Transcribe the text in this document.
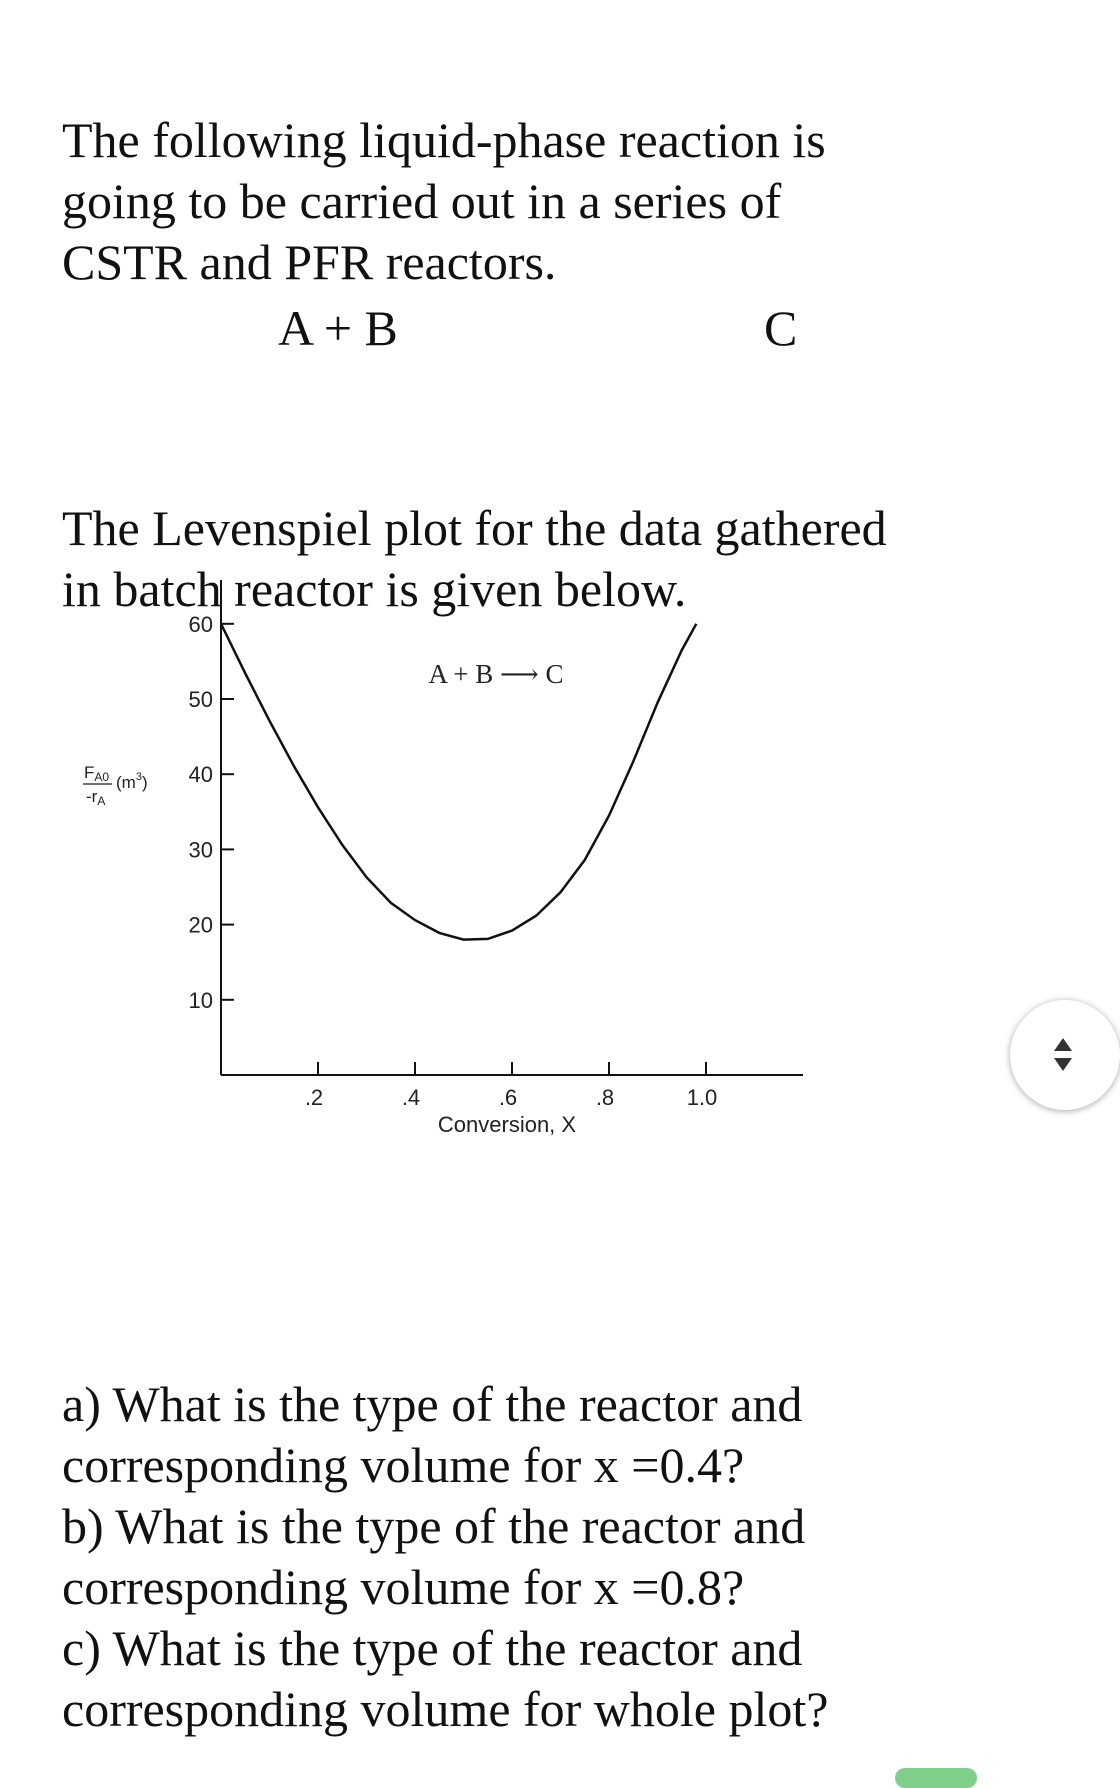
The following liquid-phase reaction is
going to be carried out in a series of
CSTR and PFR reactors.
A + B	C
The Levenspiel plot for the data gathered
in batch reactor is given below.
A + B ⟶ C
10
20
30
40
50
60
.2	.4	.6	.8	1.0
Conversion, X
FA0
-rA
$(m^3)$
a) What is the type of the reactor and
corresponding volume for x =0.4?
b) What is the type of the reactor and
corresponding volume for x =0.8?
c) What is the type of the reactor and
corresponding volume for whole plot?
